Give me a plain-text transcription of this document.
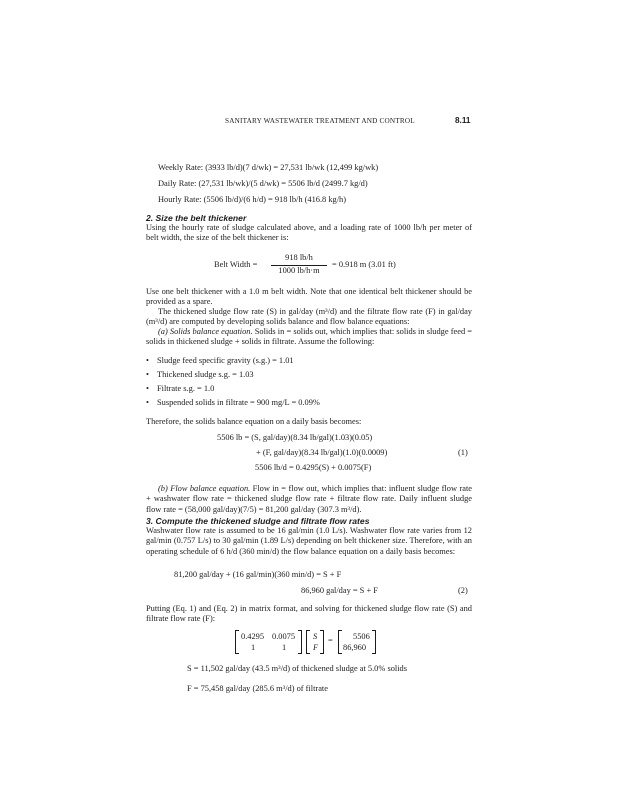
SANITARY WASTEWATER TREATMENT AND CONTROL	8.11
Weekly Rate: (3933 lb/d)(7 d/wk) = 27,531 lb/wk (12,499 kg/wk)
Daily Rate: (27,531 lb/wk)/(5 d/wk) = 5506 lb/d (2499.7 kg/d)
Hourly Rate: (5506 lb/d)/(6 h/d) = 918 lb/h (416.8 kg/h)
2. Size the belt thickener
Using the hourly rate of sludge calculated above, and a loading rate of 1000 lb/h per meter of belt width, the size of the belt thickener is:
Belt Width =
918 lb/h
1000 lb/h·m
= 0.918 m (3.01 ft)
Use one belt thickener with a 1.0 m belt width. Note that one identical belt thickener should be provided as a spare.
The thickened sludge flow rate (S) in gal/day (m³/d) and the filtrate flow rate (F) in gal/day (m³/d) are computed by developing solids balance and flow balance equations:
(a) Solids balance equation. Solids in = solids out, which implies that: solids in sludge feed = solids in thickened sludge + solids in filtrate. Assume the following:
• Sludge feed specific gravity (s.g.) = 1.01
• Thickened sludge s.g. = 1.03
• Filtrate s.g. = 1.0
• Suspended solids in filtrate = 900 mg/L = 0.09%
Therefore, the solids balance equation on a daily basis becomes:
5506 lb = (S, gal/day)(8.34 lb/gal)(1.03)(0.05)
+ (F, gal/day)(8.34 lb/gal)(1.0)(0.0009)	(1)
5506 lb/d = 0.4295(S) + 0.0075(F)
(b) Flow balance equation. Flow in = flow out, which implies that: influent sludge flow rate + washwater flow rate = thickened sludge flow rate + filtrate flow rate. Daily influent sludge flow rate = (58,000 gal/day)(7/5) = 81,200 gal/day (307.3 m³/d).
3. Compute the thickened sludge and filtrate flow rates
Washwater flow rate is assumed to be 16 gal/min (1.0 L/s). Washwater flow rate varies from 12 gal/min (0.757 L/s) to 30 gal/min (1.89 L/s) depending on belt thickener size. Therefore, with an operating schedule of 6 h/d (360 min/d) the flow balance equation on a daily basis becomes:
81,200 gal/day + (16 gal/min)(360 min/d) = S + F
86,960 gal/day = S + F	(2)
Putting (Eq. 1) and (Eq. 2) in matrix format, and solving for thickened sludge flow rate (S) and filtrate flow rate (F):
0.4295 0.0075
1	1
S
F
= 5506
86,960
S = 11,502 gal/day (43.5 m³/d) of thickened sludge at 5.0% solids
F = 75,458 gal/day (285.6 m³/d) of filtrate
